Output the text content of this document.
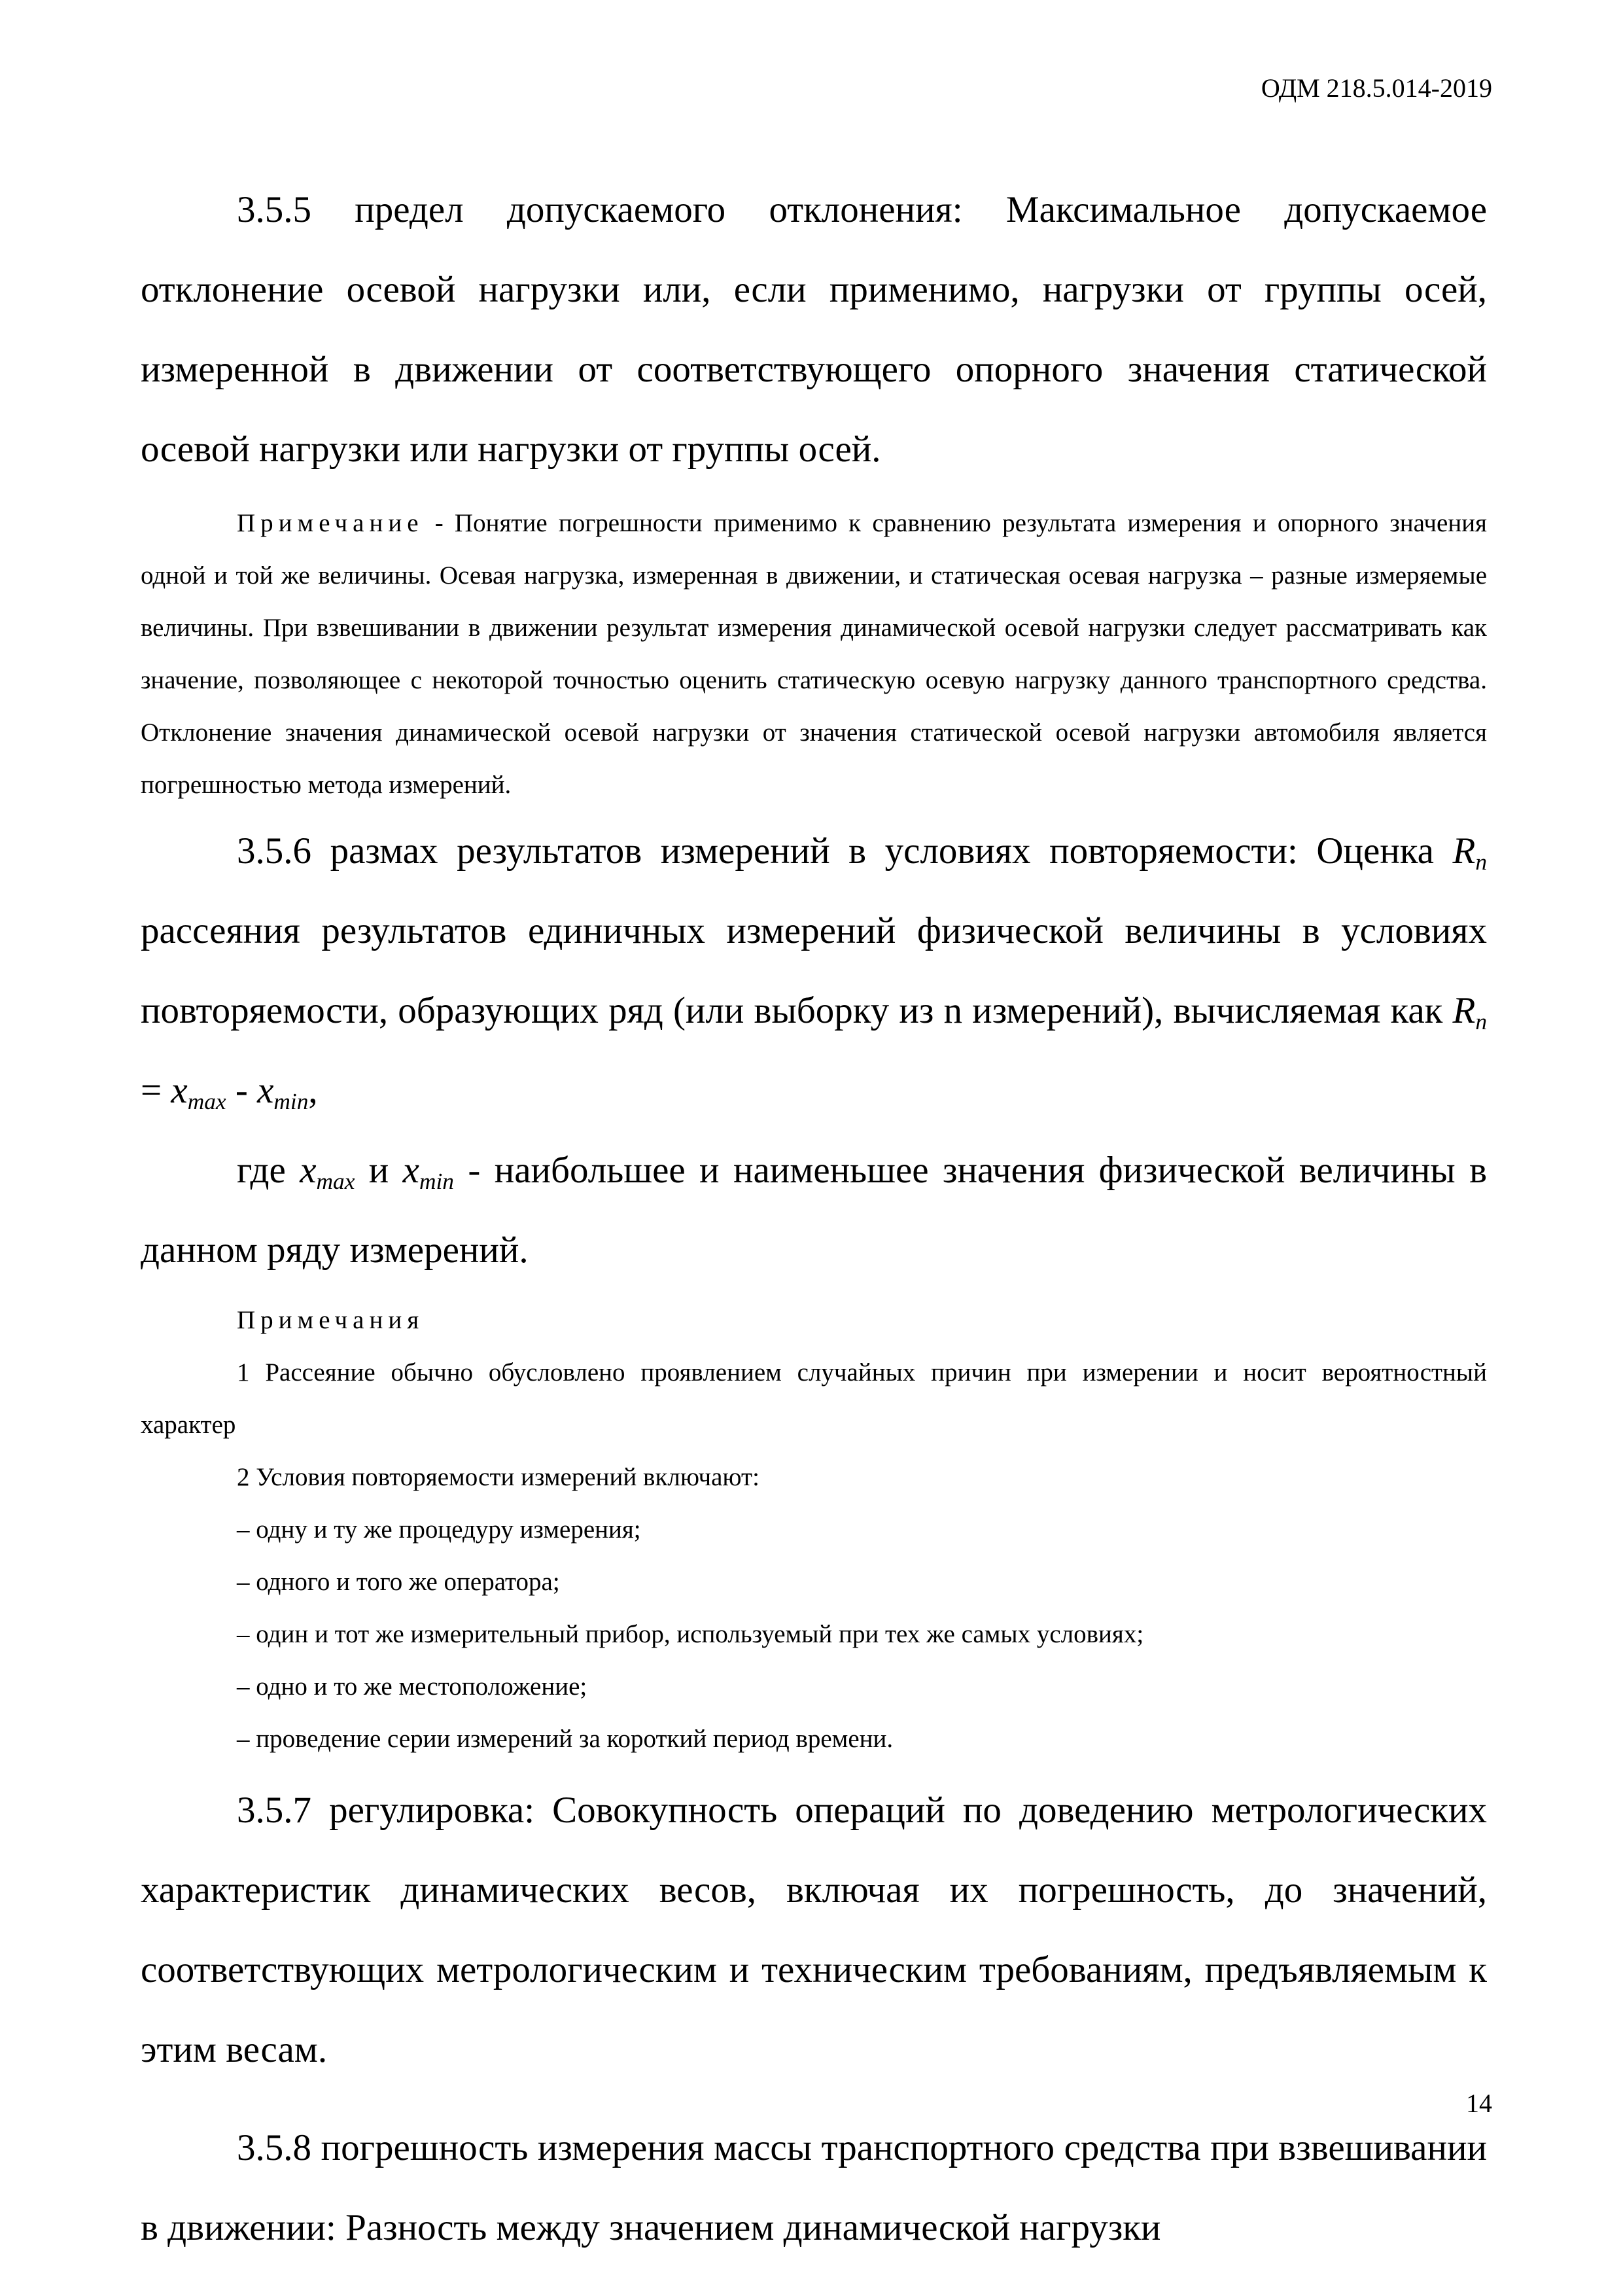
ОДМ 218.5.014-2019

3.5.5 предел допускаемого отклонения: Максимальное допускаемое отклонение осевой нагрузки или, если применимо, нагрузки от группы осей, измеренной в движении от соответствующего опорного значения статической осевой нагрузки или нагрузки от группы осей.

Примечание - Понятие погрешности применимо к сравнению результата измерения и опорного значения одной и той же величины. Осевая нагрузка, измеренная в движении, и статическая осевая нагрузка – разные измеряемые величины. При взвешивании в движении результат измерения динамической осевой нагрузки следует рассматривать как значение, позволяющее с некоторой точностью оценить статическую осевую нагрузку данного транспортного средства. Отклонение значения динамической осевой нагрузки от значения статической осевой нагрузки автомобиля является погрешностью метода измерений.

3.5.6 размах результатов измерений в условиях повторяемости: Оценка $R_n$ рассеяния результатов единичных измерений физической величины в условиях повторяемости, образующих ряд (или выборку из n измерений), вычисляемая как $R_n = x_{max} - x_{min}$,

где $x_{max}$ и $x_{min}$ - наибольшее и наименьшее значения физической величины в данном ряду измерений.

Примечания

1 Рассеяние обычно обусловлено проявлением случайных причин при измерении и носит вероятностный характер

2 Условия повторяемости измерений включают:

– одну и ту же процедуру измерения;

– одного и того же оператора;

– один и тот же измерительный прибор, используемый при тех же самых условиях;

– одно и то же местоположение;

– проведение серии измерений за короткий период времени.

3.5.7 регулировка: Совокупность операций по доведению метрологических характеристик динамических весов, включая их погрешность, до значений, соответствующих метрологическим и техническим требованиям, предъявляемым к этим весам.

3.5.8 погрешность измерения массы транспортного средства при взвешивании в движении: Разность между значением динамической нагрузки

14
